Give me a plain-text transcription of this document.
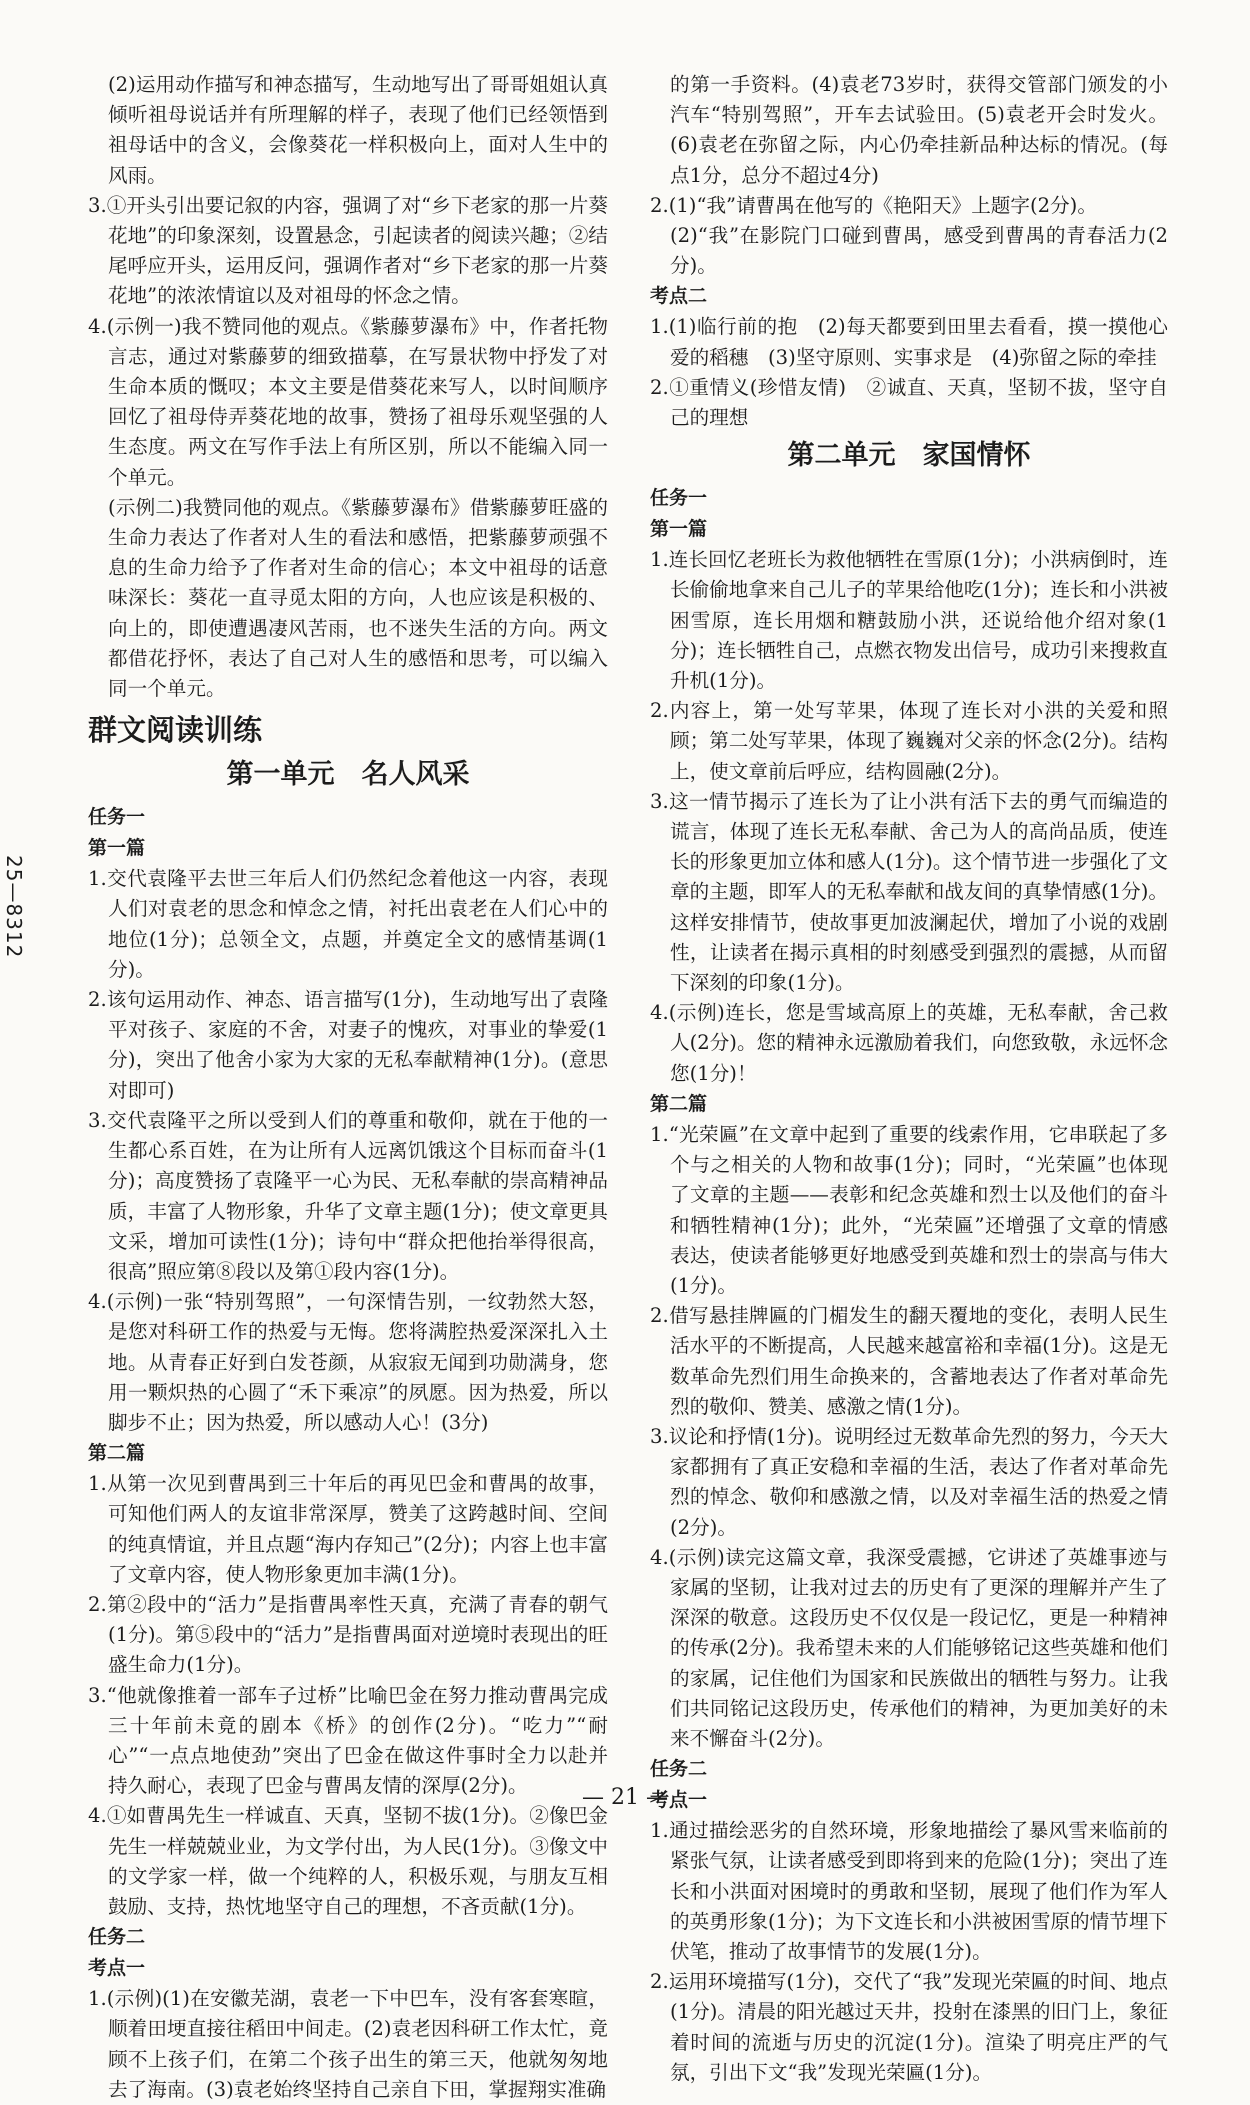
25—8312

(2)运用动作描写和神态描写，生动地写出了哥哥姐姐认真倾听祖母说话并有所理解的样子，表现了他们已经领悟到祖母话中的含义，会像葵花一样积极向上，面对人生中的风雨。

3.①开头引出要记叙的内容，强调了对“乡下老家的那一片葵花地”的印象深刻，设置悬念，引起读者的阅读兴趣；②结尾呼应开头，运用反问，强调作者对“乡下老家的那一片葵花地”的浓浓情谊以及对祖母的怀念之情。

4.(示例一)我不赞同他的观点。《紫藤萝瀑布》中，作者托物言志，通过对紫藤萝的细致描摹，在写景状物中抒发了对生命本质的慨叹；本文主要是借葵花来写人，以时间顺序回忆了祖母侍弄葵花地的故事，赞扬了祖母乐观坚强的人生态度。两文在写作手法上有所区别，所以不能编入同一个单元。

(示例二)我赞同他的观点。《紫藤萝瀑布》借紫藤萝旺盛的生命力表达了作者对人生的看法和感悟，把紫藤萝顽强不息的生命力给予了作者对生命的信心；本文中祖母的话意味深长：葵花一直寻觅太阳的方向，人也应该是积极的、向上的，即使遭遇凄风苦雨，也不迷失生活的方向。两文都借花抒怀，表达了自己对人生的感悟和思考，可以编入同一个单元。

群文阅读训练
第一单元　名人风采
任务一
第一篇

1.交代袁隆平去世三年后人们仍然纪念着他这一内容，表现人们对袁老的思念和悼念之情，衬托出袁老在人们心中的地位(1分)；总领全文，点题，并奠定全文的感情基调(1分)。

2.该句运用动作、神态、语言描写(1分)，生动地写出了袁隆平对孩子、家庭的不舍，对妻子的愧疚，对事业的挚爱(1分)，突出了他舍小家为大家的无私奉献精神(1分)。(意思对即可)

3.交代袁隆平之所以受到人们的尊重和敬仰，就在于他的一生都心系百姓，在为让所有人远离饥饿这个目标而奋斗(1分)；高度赞扬了袁隆平一心为民、无私奉献的崇高精神品质，丰富了人物形象，升华了文章主题(1分)；使文章更具文采，增加可读性(1分)；诗句中“群众把他抬举得很高，很高”照应第⑧段以及第①段内容(1分)。

4.(示例)一张“特别驾照”，一句深情告别，一纹勃然大怒，是您对科研工作的热爱与无悔。您将满腔热爱深深扎入土地。从青春正好到白发苍颜，从寂寂无闻到功勋满身，您用一颗炽热的心圆了“禾下乘凉”的夙愿。因为热爱，所以脚步不止；因为热爱，所以感动人心！(3分)

第二篇

1.从第一次见到曹禺到三十年后的再见巴金和曹禺的故事，可知他们两人的友谊非常深厚，赞美了这跨越时间、空间的纯真情谊，并且点题“海内存知己”(2分)；内容上也丰富了文章内容，使人物形象更加丰满(1分)。

2.第②段中的“活力”是指曹禺率性天真，充满了青春的朝气(1分)。第⑤段中的“活力”是指曹禺面对逆境时表现出的旺盛生命力(1分)。

3.“他就像推着一部车子过桥”比喻巴金在努力推动曹禺完成三十年前未竟的剧本《桥》的创作(2分)。“吃力”“耐心”“一点点地使劲”突出了巴金在做这件事时全力以赴并持久耐心，表现了巴金与曹禺友情的深厚(2分)。

4.①如曹禺先生一样诚直、天真，坚韧不拔(1分)。②像巴金先生一样兢兢业业，为文学付出，为人民(1分)。③像文中的文学家一样，做一个纯粹的人，积极乐观，与朋友互相鼓励、支持，热忱地坚守自己的理想，不吝贡献(1分)。

任务二
考点一

1.(示例)(1)在安徽芜湖，袁老一下中巴车，没有客套寒暄，顺着田埂直接往稻田中间走。(2)袁老因科研工作太忙，竟顾不上孩子们，在第二个孩子出生的第三天，他就匆匆地去了海南。(3)袁老始终坚持自己亲自下田，掌握翔实准确

的第一手资料。(4)袁老73岁时，获得交管部门颁发的小汽车“特别驾照”，开车去试验田。(5)袁老开会时发火。(6)袁老在弥留之际，内心仍牵挂新品种达标的情况。(每点1分，总分不超过4分)

2.(1)“我”请曹禺在他写的《艳阳天》上题字(2分)。

(2)“我”在影院门口碰到曹禺，感受到曹禺的青春活力(2分)。

考点二

1.(1)临行前的抱　(2)每天都要到田里去看看，摸一摸他心爱的稻穗　(3)坚守原则、实事求是　(4)弥留之际的牵挂

2.①重情义(珍惜友情)　②诚直、天真，坚韧不拔，坚守自己的理想

第二单元　家国情怀
任务一
第一篇

1.连长回忆老班长为救他牺牲在雪原(1分)；小洪病倒时，连长偷偷地拿来自己儿子的苹果给他吃(1分)；连长和小洪被困雪原，连长用烟和糖鼓励小洪，还说给他介绍对象(1分)；连长牺牲自己，点燃衣物发出信号，成功引来搜救直升机(1分)。

2.内容上，第一处写苹果，体现了连长对小洪的关爱和照顾；第二处写苹果，体现了巍巍对父亲的怀念(2分)。结构上，使文章前后呼应，结构圆融(2分)。

3.这一情节揭示了连长为了让小洪有活下去的勇气而编造的谎言，体现了连长无私奉献、舍己为人的高尚品质，使连长的形象更加立体和感人(1分)。这个情节进一步强化了文章的主题，即军人的无私奉献和战友间的真挚情感(1分)。这样安排情节，使故事更加波澜起伏，增加了小说的戏剧性，让读者在揭示真相的时刻感受到强烈的震撼，从而留下深刻的印象(1分)。

4.(示例)连长，您是雪域高原上的英雄，无私奉献，舍己救人(2分)。您的精神永远激励着我们，向您致敬，永远怀念您(1分)！

第二篇

1.“光荣匾”在文章中起到了重要的线索作用，它串联起了多个与之相关的人物和故事(1分)；同时，“光荣匾”也体现了文章的主题——表彰和纪念英雄和烈士以及他们的奋斗和牺牲精神(1分)；此外，“光荣匾”还增强了文章的情感表达，使读者能够更好地感受到英雄和烈士的崇高与伟大(1分)。

2.借写悬挂牌匾的门楣发生的翻天覆地的变化，表明人民生活水平的不断提高，人民越来越富裕和幸福(1分)。这是无数革命先烈们用生命换来的，含蓄地表达了作者对革命先烈的敬仰、赞美、感激之情(1分)。

3.议论和抒情(1分)。说明经过无数革命先烈的努力，今天大家都拥有了真正安稳和幸福的生活，表达了作者对革命先烈的悼念、敬仰和感激之情，以及对幸福生活的热爱之情(2分)。

4.(示例)读完这篇文章，我深受震撼，它讲述了英雄事迹与家属的坚韧，让我对过去的历史有了更深的理解并产生了深深的敬意。这段历史不仅仅是一段记忆，更是一种精神的传承(2分)。我希望未来的人们能够铭记这些英雄和他们的家属，记住他们为国家和民族做出的牺牲与努力。让我们共同铭记这段历史，传承他们的精神，为更加美好的未来不懈奋斗(2分)。

任务二
考点一

1.通过描绘恶劣的自然环境，形象地描绘了暴风雪来临前的紧张气氛，让读者感受到即将到来的危险(1分)；突出了连长和小洪面对困境时的勇敢和坚韧，展现了他们作为军人的英勇形象(1分)；为下文连长和小洪被困雪原的情节埋下伏笔，推动了故事情节的发展(1分)。

2.运用环境描写(1分)，交代了“我”发现光荣匾的时间、地点(1分)。清晨的阳光越过天井，投射在漆黑的旧门上，象征着时间的流逝与历史的沉淀(1分)。渲染了明亮庄严的气氛，引出下文“我”发现光荣匾(1分)。

— 21 —
